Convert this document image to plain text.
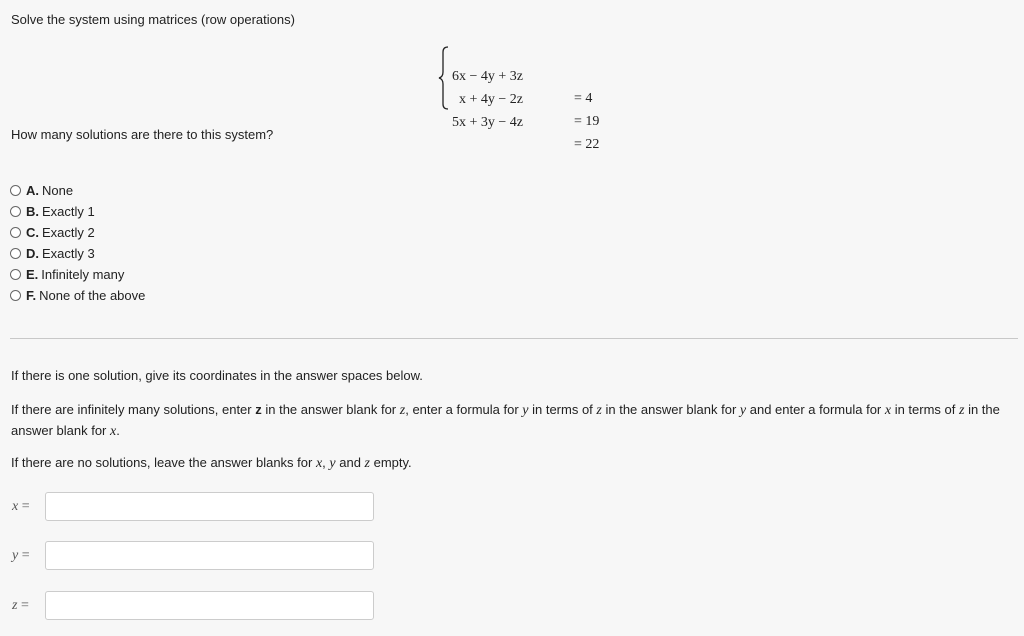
Solve the system using matrices (row operations)

6x − 4y + 3z

= 4

x + 4y − 2z

= 19

5x + 3y − 4z

= 22

How many solutions are there to this system?
A. None
B. Exactly 1
C. Exactly 2
D. Exactly 3
E. Infinitely many
F. None of the above
If there is one solution, give its coordinates in the answer spaces below.
If there are infinitely many solutions, enter z in the answer blank for z, enter a formula for y in terms of z in the answer blank for y and enter a formula for x in terms of z in the answer blank for x.
If there are no solutions, leave the answer blanks for x, y and z empty.
x =
y =
z =
